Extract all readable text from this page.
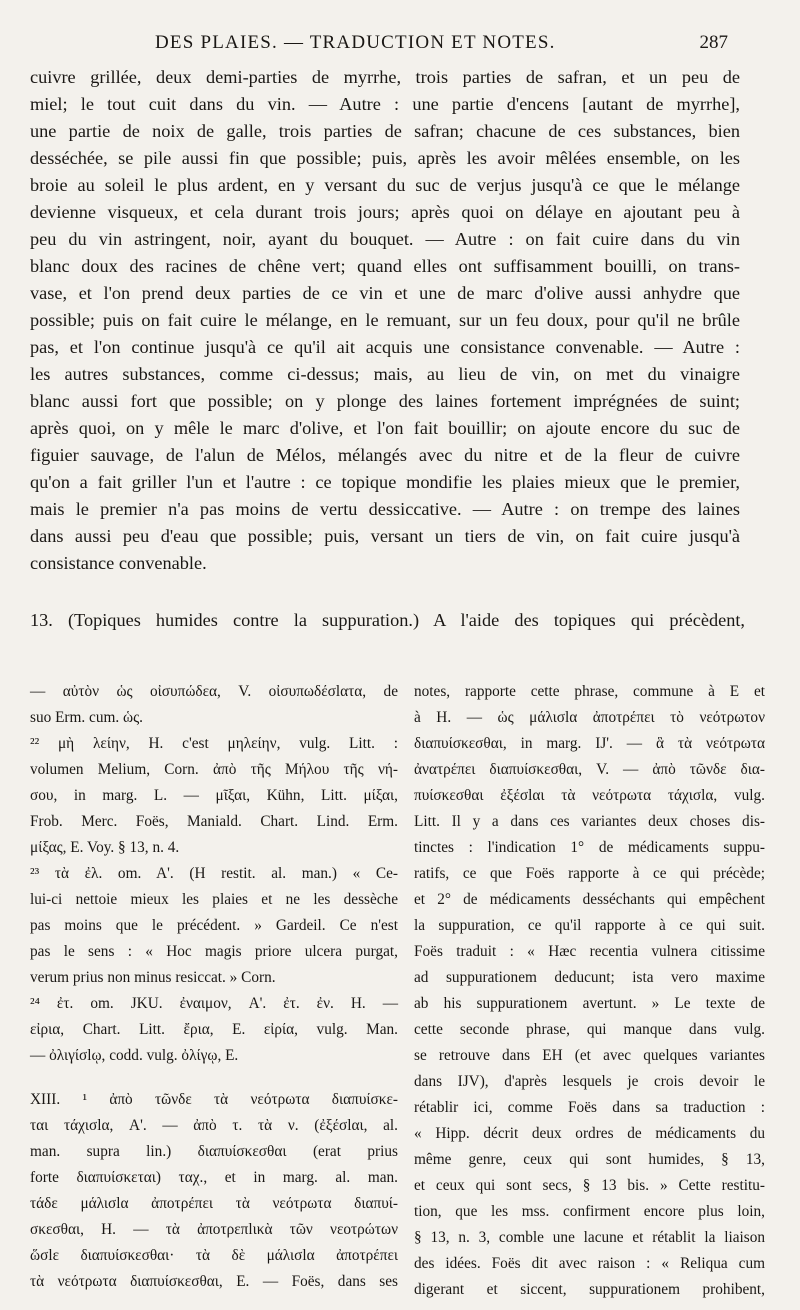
DES PLAIES. — TRADUCTION ET NOTES.	287
cuivre grillée, deux demi-parties de myrrhe, trois parties de safran, et un peu de
miel; le tout cuit dans du vin. — Autre : une partie d'encens [autant de myrrhe],
une partie de noix de galle, trois parties de safran; chacune de ces substances, bien
desséchée, se pile aussi fin que possible; puis, après les avoir mêlées ensemble, on les
broie au soleil le plus ardent, en y versant du suc de verjus jusqu'à ce que le mélange
devienne visqueux, et cela durant trois jours; après quoi on délaye en ajoutant peu à
peu du vin astringent, noir, ayant du bouquet. — Autre : on fait cuire dans du vin
blanc doux des racines de chêne vert; quand elles ont suffisamment bouilli, on trans-
vase, et l'on prend deux parties de ce vin et une de marc d'olive aussi anhydre que
possible; puis on fait cuire le mélange, en le remuant, sur un feu doux, pour qu'il ne brûle
pas, et l'on continue jusqu'à ce qu'il ait acquis une consistance convenable. — Autre :
les autres substances, comme ci-dessus; mais, au lieu de vin, on met du vinaigre
blanc aussi fort que possible; on y plonge des laines fortement imprégnées de suint;
après quoi, on y mêle le marc d'olive, et l'on fait bouillir; on ajoute encore du suc de
figuier sauvage, de l'alun de Mélos, mélangés avec du nitre et de la fleur de cuivre
qu'on a fait griller l'un et l'autre : ce topique mondifie les plaies mieux que le premier,
mais le premier n'a pas moins de vertu dessiccative. — Autre : on trempe des laines
dans aussi peu d'eau que possible; puis, versant un tiers de vin, on fait cuire jusqu'à
consistance convenable.
13. (Topiques humides contre la suppuration.) A l'aide des topiques qui précèdent,
— αὐτὸν ὡς οἰσυπώδεα, V. οἰσυπωδέσlατα, de
suo Erm. cum. ὡς.
²² μὴ λείην, H. c'est μηλείην, vulg. Litt. :
volumen Melium, Corn. ἀπὸ τῆς Μήλου τῆς νή-
σου, in marg. L. — μῖξαι, Kühn, Litt. μίξαι,
Frob. Merc. Foës, Maniald. Chart. Lind. Erm.
μίξας, E. Voy. § 13, n. 4.
²³ τὰ ἐλ. om. A'. (H restit. al. man.) « Ce-
lui-ci nettoie mieux les plaies et ne les dessèche
pas moins que le précédent. » Gardeil. Ce n'est
pas le sens : « Hoc magis priore ulcera purgat,
verum prius non minus resiccat. » Corn.
²⁴ ἐτ. om. JKU. ἐναιμον, A'. ἐτ. ἐν. H. —
εἰρια, Chart. Litt. ἔρια, E. εἰρία, vulg. Man.
— ὀλιγίσlῳ, codd. vulg. ὀλίγῳ, E.
XIII. ¹ ἀπὸ τῶνδε τὰ νεότρωτα διαπυίσκε-
ται τάχισlα, A'. — ἀπὸ τ. τὰ ν. (ἐξέσlαι, al.
man. supra lin.) διαπυίσκεσθαι (erat prius
forte διαπυίσκεται) ταχ., et in marg. al. man.
τάδε μάλισlα ἀποτρέπει τὰ νεότρωτα διαπυί-
σκεσθαι, H. — τὰ ἀποτρεπlικὰ τῶν νεοτρώτων
ὥσlε διαπυίσκεσθαι· τὰ δὲ μάλισlα ἀποτρέπει
τὰ νεότρωτα διαπυίσκεσθαι, E. — Foës, dans ses
notes, rapporte cette phrase, commune à E et
à H. — ὡς μάλισlα ἀποτρέπει τὸ νεότρωτον
διαπυίσκεσθαι, in marg. IJ'. — ἃ τὰ νεότρωτα
ἀνατρέπει διαπυίσκεσθαι, V. — ἀπὸ τῶνδε δια-
πυίσκεσθαι ἐξέσlαι τὰ νεότρωτα τάχισlα, vulg.
Litt. Il y a dans ces variantes deux choses dis-
tinctes : l'indication 1° de médicaments suppu-
ratifs, ce que Foës rapporte à ce qui précède;
et 2° de médicaments desséchants qui empêchent
la suppuration, ce qu'il rapporte à ce qui suit.
Foës traduit : « Hæc recentia vulnera citissime
ad suppurationem deducunt; ista vero maxime
ab his suppurationem avertunt. » Le texte de
cette seconde phrase, qui manque dans vulg.
se retrouve dans EH (et avec quelques variantes
dans IJV), d'après lesquels je crois devoir le
rétablir ici, comme Foës dans sa traduction :
« Hipp. décrit deux ordres de médicaments du
même genre, ceux qui sont humides, § 13,
et ceux qui sont secs, § 13 bis. » Cette restitu-
tion, que les mss. confirment encore plus loin,
§ 13, n. 3, comble une lacune et rétablit la liaison
des idées. Foës dit avec raison : « Reliqua cum
digerant et siccent, suppurationem prohibent,
